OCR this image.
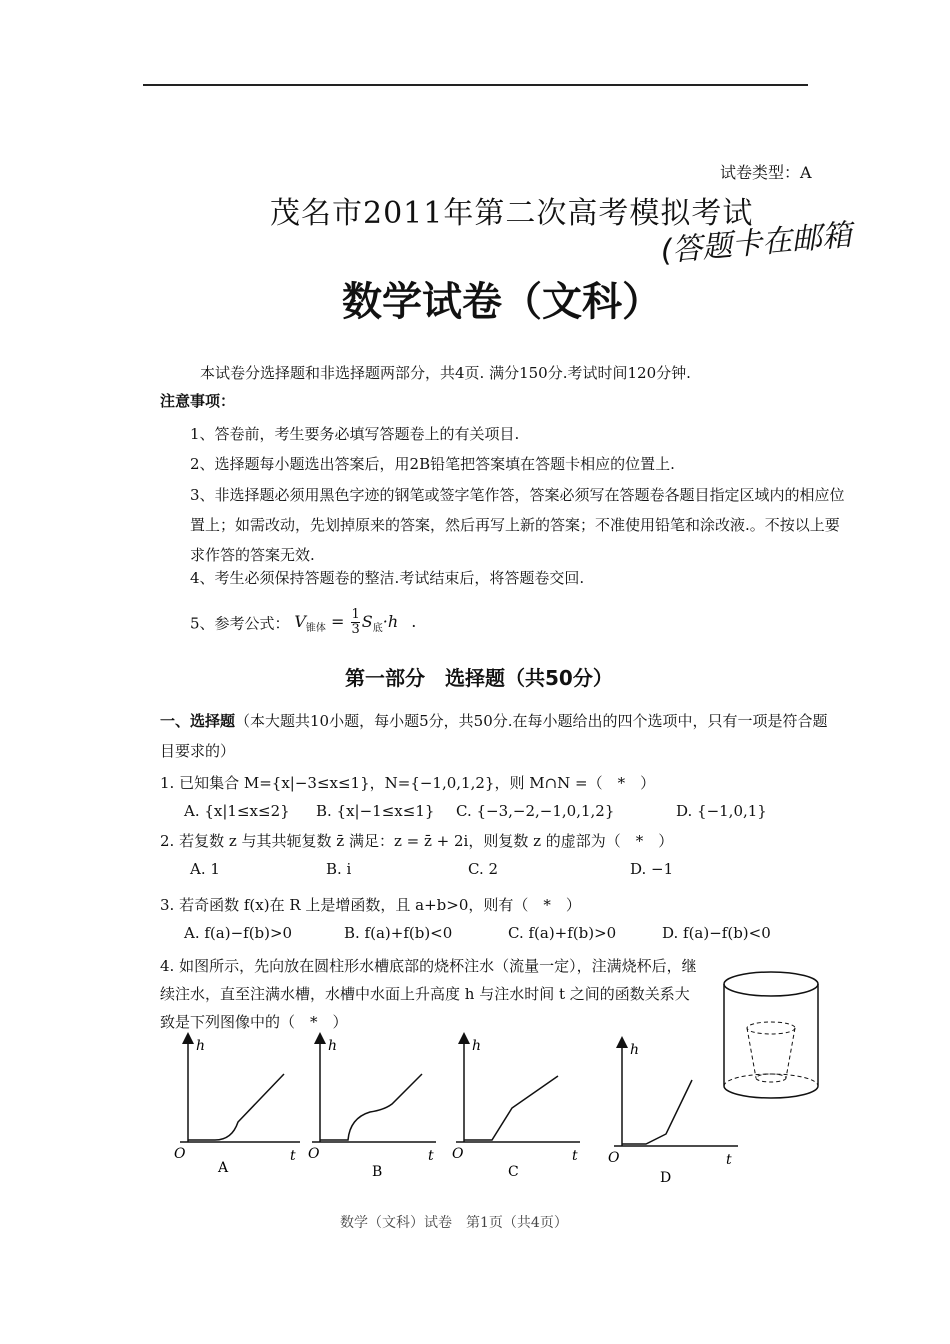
试卷类型：A
茂名市2011年第二次高考模拟考试
(答题卡在邮箱
数学试卷（文科）
本试卷分选择题和非选择题两部分，共4页. 满分150分.考试时间120分钟.
注意事项：
1、答卷前，考生要务必填写答题卷上的有关项目.
2、选择题每小题选出答案后，用2B铅笔把答案填在答题卡相应的位置上.
3、非选择题必须用黑色字迹的钢笔或签字笔作答，答案必须写在答题卷各题目指定区域内的相应位置上；如需改动，先划掉原来的答案，然后再写上新的答案；不准使用铅笔和涂改液.。不按以上要求作答的答案无效.
4、考生必须保持答题卷的整洁.考试结束后，将答题卷交回.
5、参考公式： $V_{锥体} = \frac{1}{3} S_底\cdot h$ .
第一部分　选择题（共50分）
一、选择题（本大题共10小题，每小题5分，共50分.在每小题给出的四个选项中，只有一项是符合题目要求的）
1. 已知集合 M={x|−3≤x≤1}，N={−1,0,1,2}，则 M∩N =（　*　）
A. {x|1≤x≤2} B. {x|−1≤x≤1} C. {−3,−2,−1,0,1,2}	D. {−1,0,1}
2. 若复数 z 与其共轭复数 z̄ 满足：z = z̄ + 2i，则复数 z 的虚部为（　*　）
A. 1	B. i	C. 2	D. −1
3. 若奇函数 f(x)在 R 上是增函数，且 a+b>0，则有（　*　）
A. f(a)−f(b)>0	B. f(a)+f(b)<0	C. f(a)+f(b)>0	D. f(a)−f(b)<0
4. 如图所示，先向放在圆柱形水槽底部的烧杯注水（流量一定），注满烧杯后，继续注水，直至注满水槽，水槽中水面上升高度 h 与注水时间 t 之间的函数关系大致是下列图像中的（　*　）
h
O	t
A
h
O	t
B
h
O	t
C
h
O	t
D
数学（文科）试卷　第1页（共4页）
